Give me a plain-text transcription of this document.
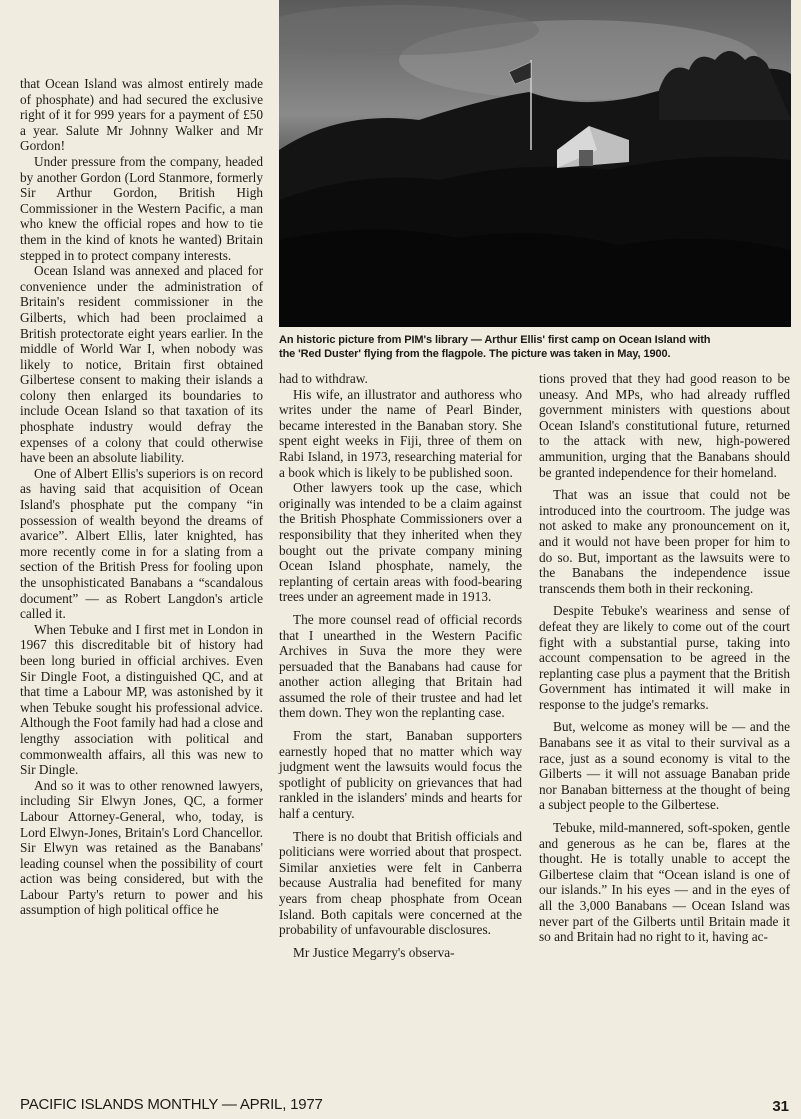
An historic picture from PIM's library — Arthur Ellis' first camp on Ocean Island with
the 'Red Duster' flying from the flagpole. The picture was taken in May, 1900.

that Ocean Island was almost entirely made of phosphate) and had secured the exclusive right of it for 999 years for a payment of £50 a year. Salute Mr Johnny Walker and Mr Gordon!

Under pressure from the company, headed by another Gordon (Lord Stanmore, formerly Sir Arthur Gordon, British High Commissioner in the Western Pacific, a man who knew the official ropes and how to tie them in the kind of knots he wanted) Britain stepped in to protect company interests.

Ocean Island was annexed and placed for convenience under the administration of Britain's resident commissioner in the Gilberts, which had been proclaimed a British protectorate eight years earlier. In the middle of World War I, when nobody was likely to notice, Britain first obtained Gilbertese consent to making their islands a colony then enlarged its boundaries to include Ocean Island so that taxation of its phosphate industry would defray the expenses of a colony that could otherwise have been an absolute liability.

One of Albert Ellis's superiors is on record as having said that acquisition of Ocean Island's phosphate put the company “in possession of wealth beyond the dreams of avarice”. Albert Ellis, later knighted, has more recently come in for a slating from a section of the British Press for fooling upon the unsophisticated Banabans a “scandalous document” — as Robert Langdon's article called it.

When Tebuke and I first met in London in 1967 this discreditable bit of history had been long buried in official archives. Even Sir Dingle Foot, a distinguished QC, and at that time a Labour MP, was astonished by it when Tebuke sought his professional advice. Although the Foot family had had a close and lengthy association with political and commonwealth affairs, all this was new to Sir Dingle.

And so it was to other renowned lawyers, including Sir Elwyn Jones, QC, a former Labour Attorney-General, who, today, is Lord Elwyn-Jones, Britain's Lord Chancellor. Sir Elwyn was retained as the Banabans' leading counsel when the possibility of court action was being considered, but with the Labour Party's return to power and his assumption of high political office he

had to withdraw.

His wife, an illustrator and authoress who writes under the name of Pearl Binder, became interested in the Banaban story. She spent eight weeks in Fiji, three of them on Rabi Island, in 1973, researching material for a book which is likely to be published soon.

Other lawyers took up the case, which originally was intended to be a claim against the British Phosphate Commissioners over a responsibility that they inherited when they bought out the private company mining Ocean Island phosphate, namely, the replanting of certain areas with food-bearing trees under an agreement made in 1913.

The more counsel read of official records that I unearthed in the Western Pacific Archives in Suva the more they were persuaded that the Banabans had cause for another action alleging that Britain had assumed the role of their trustee and had let them down. They won the replanting case.

From the start, Banaban supporters earnestly hoped that no matter which way judgment went the lawsuits would focus the spotlight of publicity on grievances that had rankled in the islanders' minds and hearts for half a century.

There is no doubt that British officials and politicians were worried about that prospect. Similar anxieties were felt in Canberra because Australia had benefited for many years from cheap phosphate from Ocean Island. Both capitals were concerned at the probability of unfavourable disclosures.

Mr Justice Megarry's observa-

tions proved that they had good reason to be uneasy. And MPs, who had already ruffled government ministers with questions about Ocean Island's constitutional future, returned to the attack with new, high-powered ammunition, urging that the Banabans should be granted independence for their homeland.

That was an issue that could not be introduced into the courtroom. The judge was not asked to make any pronouncement on it, and it would not have been proper for him to do so. But, important as the lawsuits were to the Banabans the independence issue transcends them both in their reckoning.

Despite Tebuke's weariness and sense of defeat they are likely to come out of the court fight with a substantial purse, taking into account compensation to be agreed in the replanting case plus a payment that the British Government has intimated it will make in response to the judge's remarks.

But, welcome as money will be — and the Banabans see it as vital to their survival as a race, just as a sound economy is vital to the Gilberts — it will not assuage Banaban pride nor Banaban bitterness at the thought of being a subject people to the Gilbertese.

Tebuke, mild-mannered, soft-spoken, gentle and generous as he can be, flares at the thought. He is totally unable to accept the Gilbertese claim that “Ocean island is one of our islands.” In his eyes — and in the eyes of all the 3,000 Banabans — Ocean Island was never part of the Gilberts until Britain made it so and Britain had no right to it, having ac-

PACIFIC ISLANDS MONTHLY — APRIL, 1977	31
